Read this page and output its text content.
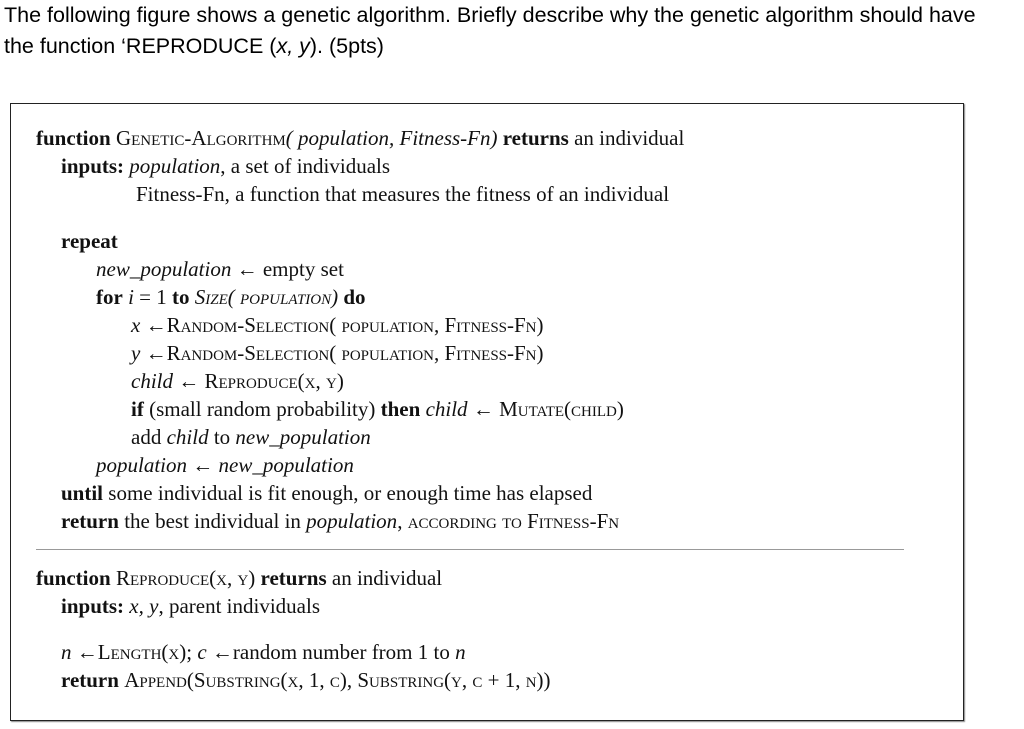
The following figure shows a genetic algorithm. Briefly describe why the genetic algorithm should have
the function ‘REPRODUCE (x, y). (5pts)
function Genetic-Algorithm( population, Fitness-Fn) returns an individual
inputs: population, a set of individuals
Fitness-Fn, a function that measures the fitness of an individual
repeat
new_population ← empty set
for i = 1 to Size( population) do
x ←Random-Selection( population, Fitness-Fn)
y ←Random-Selection( population, Fitness-Fn)
child ← Reproduce(x, y)
if (small random probability) then child ← Mutate(child)
add child to new_population
population ← new_population
until some individual is fit enough, or enough time has elapsed
return the best individual in population, according to Fitness-Fn
function Reproduce(x, y) returns an individual
inputs: x, y, parent individuals
n ←Length(x); c ←random number from 1 to n
return Append(Substring(x, 1, c), Substring(y, c + 1, n))
